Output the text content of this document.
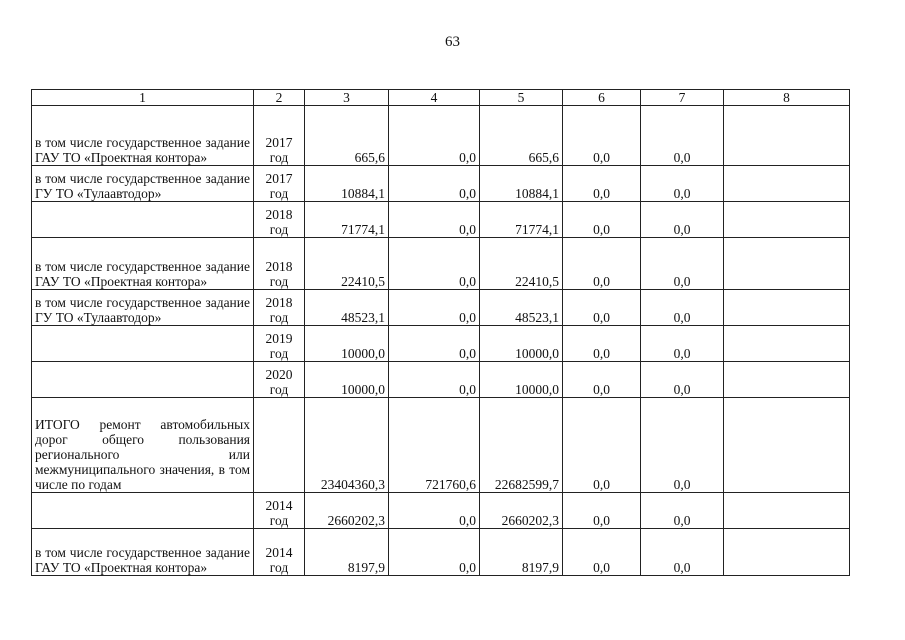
63
1	2	3	4	5	6	7	8
в том числе государственное задание ГАУ ТО «Проектная конторa»	2017 год	665,6	0,0	665,6	0,0	0,0	
в том числе государственное задание ГУ ТО «Тулаавтодор»	2017 год	10884,1	0,0	10884,1	0,0	0,0	
	2018 год	71774,1	0,0	71774,1	0,0	0,0	
в том числе государственное задание ГАУ ТО «Проектная конторa»	2018 год	22410,5	0,0	22410,5	0,0	0,0	
в том числе государственное задание ГУ ТО «Тулаавтодор»	2018 год	48523,1	0,0	48523,1	0,0	0,0	
	2019 год	10000,0	0,0	10000,0	0,0	0,0	
	2020 год	10000,0	0,0	10000,0	0,0	0,0	
ИТОГО ремонт автомобильных дорог общего пользования регионального или межмуниципального значения, в том числе по годам		23404360,3	721760,6	22682599,7	0,0	0,0	
	2014 год	2660202,3	0,0	2660202,3	0,0	0,0	
в том числе государственное задание ГАУ ТО «Проектная конторa»	2014 год	8197,9	0,0	8197,9	0,0	0,0	
